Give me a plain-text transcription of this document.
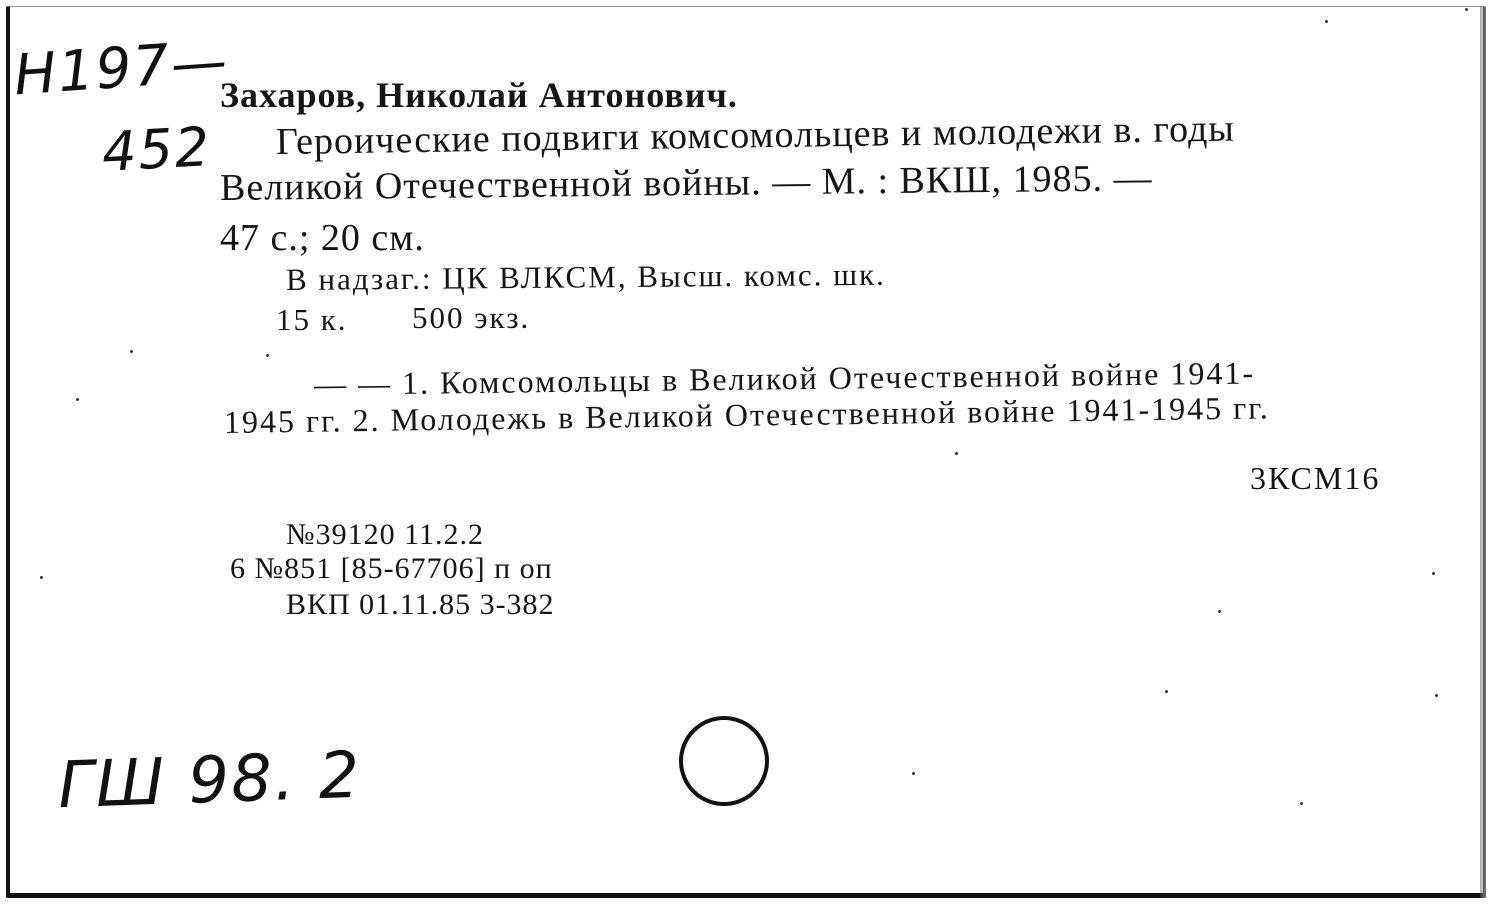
Н197—
452
Захаров, Николай Антонович.
Героические подвиги комсомольцев и молодежи в. годы
Великой Отечественной войны. — М. : ВКШ, 1985. —
47 с.; 20 см.
В надзаг.: ЦК ВЛКСМ, Высш. комс. шк.
15 к. 500 экз.
— — 1. Комсомольцы в Великой Отечественной войне 1941-
1945 гг. 2. Молодежь в Великой Отечественной войне 1941-1945 гг.
3КСМ16
№39120 11.2.2
6 №851 [85-67706] п оп
ВКП 01.11.85 3-382
ГШ 98. 2
